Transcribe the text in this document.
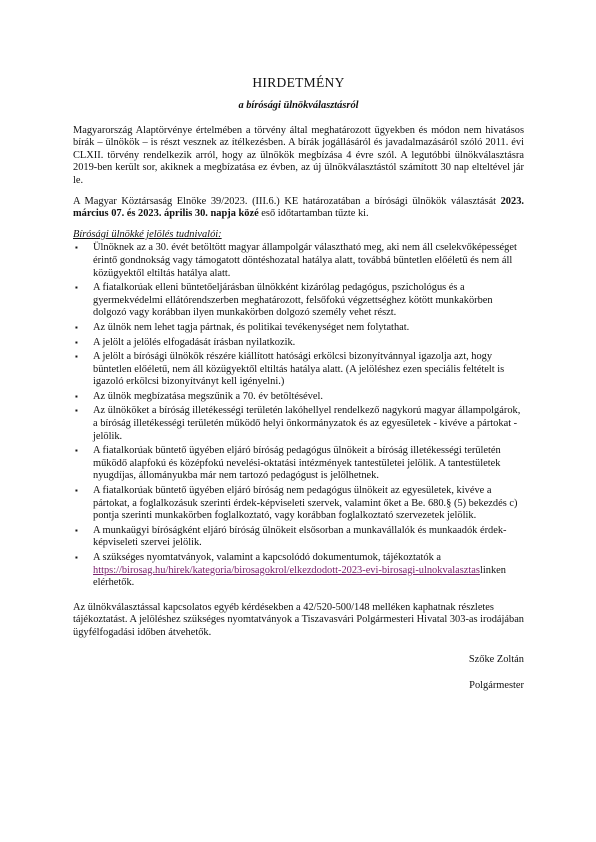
HIRDETMÉNY
a bírósági ülnökválasztásról

Magyarország Alaptörvénye értelmében a törvény által meghatározott ügyekben és módon nem hivatásos bírák – ülnökök – is részt vesznek az ítélkezésben. A bírák jogállásáról és javadalmazásáról szóló 2011. évi CLXII. törvény rendelkezik arról, hogy az ülnökök megbízása 4 évre szól. A legutóbbi ülnökválasztásra 2019-ben került sor, akiknek a megbízatása ez évben, az új ülnökválasztástól számított 30 nap elteltével jár le.

A Magyar Köztársaság Elnöke 39/2023. (III.6.) KE határozatában a bírósági ülnökök választását 2023. március 07. és 2023. április 30. napja közé eső időtartamban tűzte ki.

Bírósági ülnökké jelölés tudnivalói:
▪ Ülnöknek az a 30. évét betöltött magyar állampolgár választható meg, aki nem áll cselekvőképességet érintő gondnokság vagy támogatott döntéshozatal hatálya alatt, továbbá büntetlen előéletű és nem áll közügyektől eltiltás hatálya alatt.
▪ A fiatalkorúak elleni büntetőeljárásban ülnökként kizárólag pedagógus, pszichológus és a gyermekvédelmi ellátórendszerben meghatározott, felsőfokú végzettséghez kötött munkakörben dolgozó vagy korábban ilyen munkakörben dolgozó személy vehet részt.
▪ Az ülnök nem lehet tagja pártnak, és politikai tevékenységet nem folytathat.
▪ A jelölt a jelölés elfogadását írásban nyilatkozik.
▪ A jelölt a bírósági ülnökök részére kiállított hatósági erkölcsi bizonyítvánnyal igazolja azt, hogy büntetlen előéletű, nem áll közügyektől eltiltás hatálya alatt. (A jelöléshez ezen speciális feltételt is igazoló erkölcsi bizonyítványt kell igényelni.)
▪ Az ülnök megbízatása megszűnik a 70. év betöltésével.
▪ Az ülnököket a bíróság illetékességi területén lakóhellyel rendelkező nagykorú magyar állampolgárok, a bíróság illetékességi területén működő helyi önkormányzatok és az egyesületek - kivéve a pártokat - jelölik.
▪ A fiatalkorúak büntető ügyében eljáró bíróság pedagógus ülnökeit a bíróság illetékességi területén működő alapfokú és középfokú nevelési-oktatási intézmények tantestületei jelölik. A tantestületek nyugdíjas, állományukba már nem tartozó pedagógust is jelölhetnek.
▪ A fiatalkorúak büntető ügyében eljáró bíróság nem pedagógus ülnökeit az egyesületek, kivéve a pártokat, a foglalkozásuk szerinti érdek-képviseleti szervek, valamint őket a Be. 680.§ (5) bekezdés c) pontja szerinti munkakörben foglalkoztató, vagy korábban foglalkoztató szervezetek jelölik.
▪ A munkaügyi bíróságként eljáró bíróság ülnökeit elsősorban a munkavállalók és munkaadók érdek-képviseleti szervei jelölik.
▪ A szükséges nyomtatványok, valamint a kapcsolódó dokumentumok, tájékoztatók a https://birosag.hu/hirek/kategoria/birosagokrol/elkezdodott-2023-evi-birosagi-ulnokvalasztaslinken elérhetők.

Az ülnökválasztással kapcsolatos egyéb kérdésekben a 42/520-500/148 melléken kaphatnak részletes tájékoztatást. A jelöléshez szükséges nyomtatványok a Tiszavasvári Polgármesteri Hivatal 303-as irodájában ügyfélfogadási időben átvehetők.

Szőke Zoltán

Polgármester
